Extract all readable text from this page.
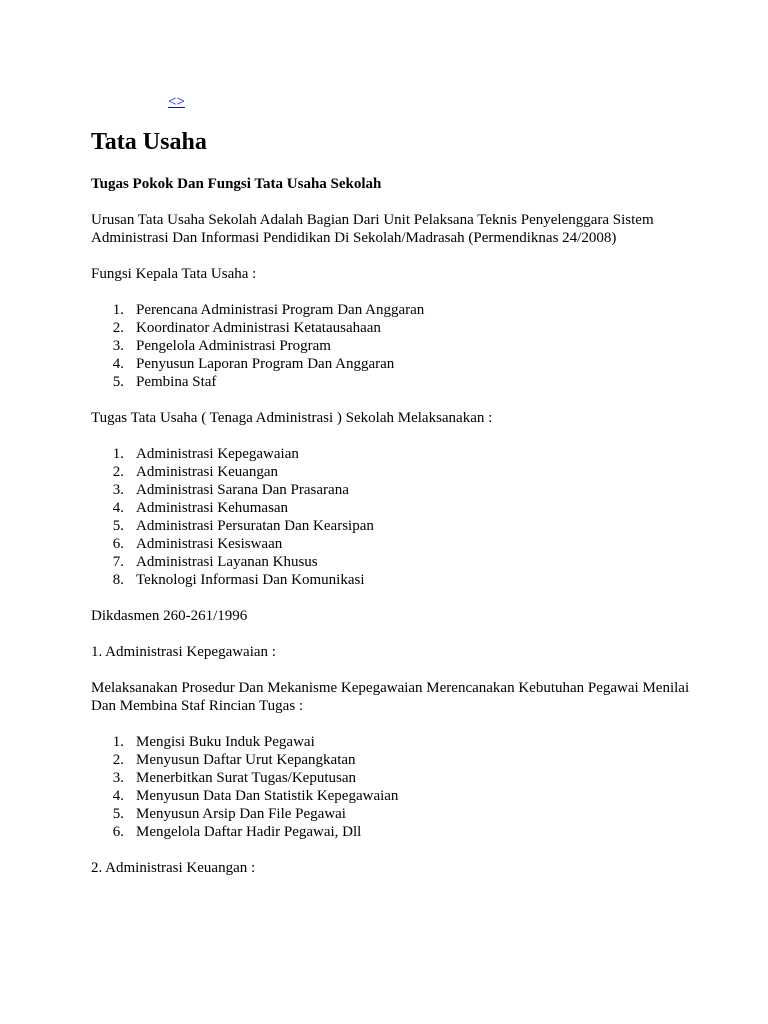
<>
Tata Usaha

Tugas Pokok Dan Fungsi Tata Usaha Sekolah

Urusan Tata Usaha Sekolah Adalah Bagian Dari Unit Pelaksana Teknis Penyelenggara Sistem Administrasi Dan Informasi Pendidikan Di Sekolah/Madrasah (Permendiknas 24/2008)

Fungsi Kepala Tata Usaha :

1. Perencana Administrasi Program Dan Anggaran
2. Koordinator Administrasi Ketatausahaan
3. Pengelola Administrasi Program
4. Penyusun Laporan Program Dan Anggaran
5. Pembina Staf

Tugas Tata Usaha ( Tenaga Administrasi ) Sekolah Melaksanakan :

1. Administrasi Kepegawaian
2. Administrasi Keuangan
3. Administrasi Sarana Dan Prasarana
4. Administrasi Kehumasan
5. Administrasi Persuratan Dan Kearsipan
6. Administrasi Kesiswaan
7. Administrasi Layanan Khusus
8. Teknologi Informasi Dan Komunikasi

Dikdasmen 260-261/1996

1. Administrasi Kepegawaian :

Melaksanakan Prosedur Dan Mekanisme Kepegawaian Merencanakan Kebutuhan Pegawai Menilai Dan Membina Staf Rincian Tugas :

1. Mengisi Buku Induk Pegawai
2. Menyusun Daftar Urut Kepangkatan
3. Menerbitkan Surat Tugas/Keputusan
4. Menyusun Data Dan Statistik Kepegawaian
5. Menyusun Arsip Dan File Pegawai
6. Mengelola Daftar Hadir Pegawai, Dll

2. Administrasi Keuangan :
